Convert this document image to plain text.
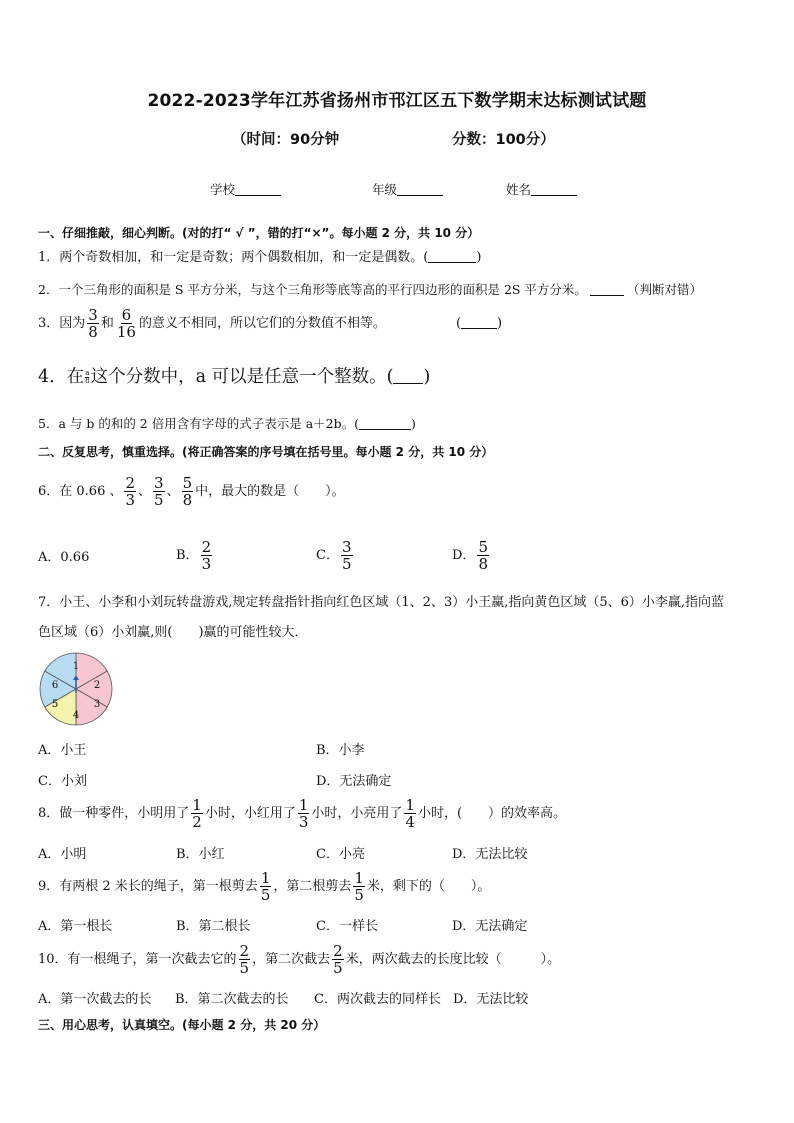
2022-2023学年江苏省扬州市邗江区五下数学期末达标测试试题
（时间：90分钟	分数：100分）
学校	年级	姓名
一、仔细推敲，细心判断。(对的打“ √ ”，错的打“×”。每小题 2 分，共 10 分）
1．两个奇数相加，和一定是奇数；两个偶数相加，和一定是偶数。(	)
2．一个三角形的面积是 S 平方分米，与这个三角形等底等高的平行四边形的面积是 2S 平方分米。	（判断对错）
3．因为 $\frac{3}{8}$ 和 $\frac{6}{16}$ 的意义不相同，所以它们的分数值不相等。	(	)
4．在 $\frac{a}{8}$ 这个分数中，a 可以是任意一个整数。( )
5．a 与 b 的和的 2 倍用含有字母的式子表示是 a＋2b。(	)
二、反复思考，慎重选择。(将正确答案的序号填在括号里。每小题 2 分，共 10 分）
6．在 0.66 、 $\frac{2}{3}$ 、 $\frac{3}{5}$ 、 $\frac{5}{8}$ 中，最大的数是（　　）。
A．0.66	B． $\frac{2}{3}$	C． $\frac{3}{5}$	D． $\frac{5}{8}$
7．小王、小李和小刘玩转盘游戏,规定转盘指针指向红色区域（1、2、3）小王赢,指向黄色区域（5、6）小李赢,指向蓝
色区域（6）小刘赢,则(　　)赢的可能性较大．
1
2
3
4
5
6
A．小王	B．小李
C．小刘	D．无法确定
8．做一种零件，小明用了 $\frac{1}{2}$ 小时，小红用了 $\frac{1}{3}$ 小时，小亮用了 $\frac{1}{4}$ 小时，(　　）的效率高。
A．小明	B．小红	C．小亮	D．无法比较
9．有两根 2 米长的绳子，第一根剪去 $\frac{1}{5}$ ，第二根剪去 $\frac{1}{5}$ 米，剩下的（　　）。
A．第一根长	B．第二根长	C．一样长	D．无法确定
10．有一根绳子，第一次截去它的 $\frac{2}{5}$ ，第二次截去 $\frac{2}{5}$ 米，两次截去的长度比较（　　　）。
A．第一次截去的长 B．第二次截去的长 C．两次截去的同样长 D．无法比较
三、用心思考，认真填空。(每小题 2 分，共 20 分）
